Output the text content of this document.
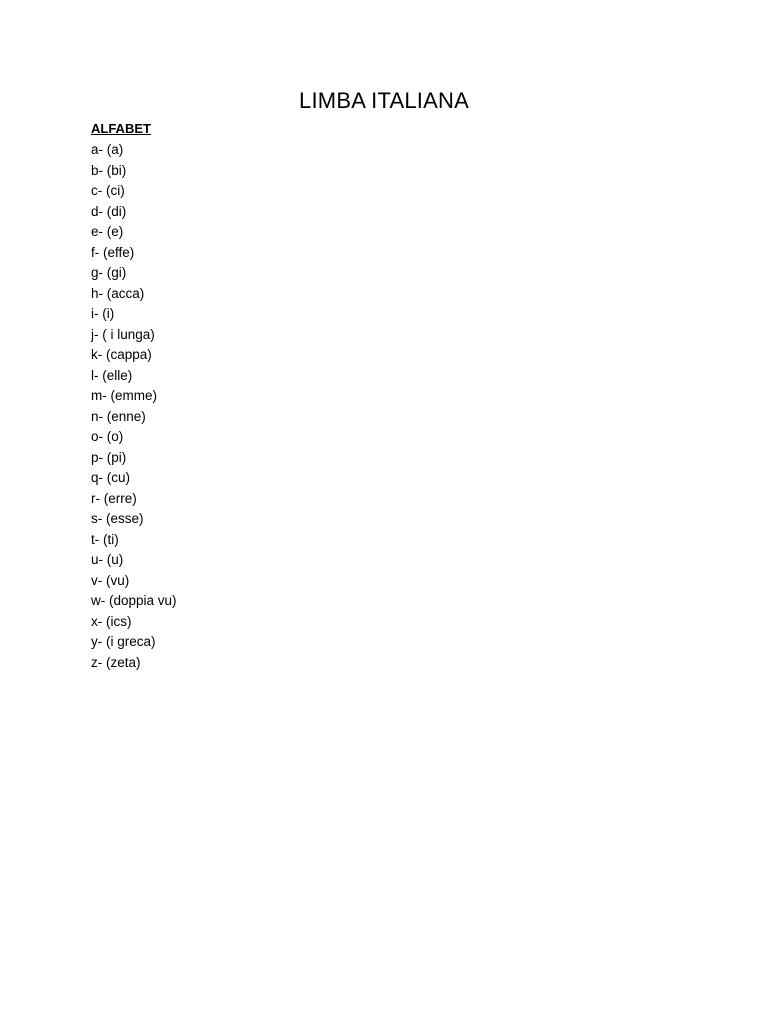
LIMBA ITALIANA
ALFABET
a- (a)
b- (bi)
c- (ci)
d- (di)
e- (e)
f- (effe)
g- (gi)
h- (acca)
i- (i)
j- ( i lunga)
k- (cappa)
l- (elle)
m- (emme)
n- (enne)
o- (o)
p- (pi)
q- (cu)
r- (erre)
s- (esse)
t- (ti)
u- (u)
v- (vu)
w- (doppia vu)
x- (ics)
y- (i greca)
z- (zeta)
